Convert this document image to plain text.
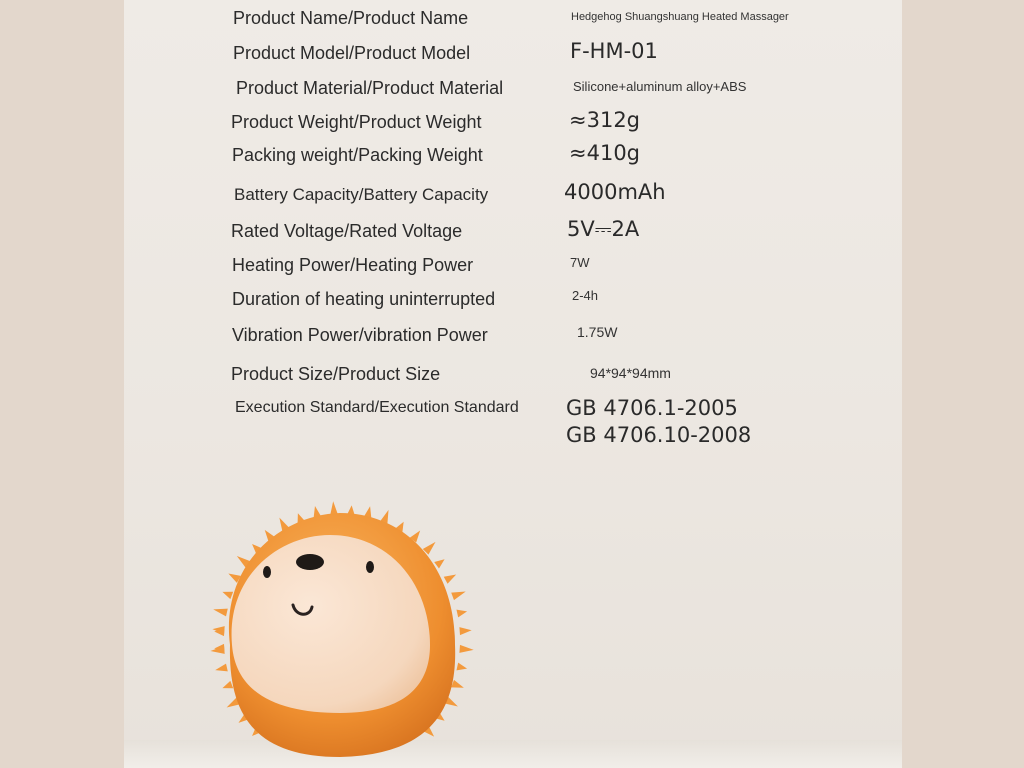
Product Name/Product Name
Product Model/Product Model
Product Material/Product Material
Product Weight/Product Weight
Packing weight/Packing Weight
Battery Capacity/Battery Capacity
Rated Voltage/Rated Voltage
Heating Power/Heating Power
Duration of heating uninterrupted
Vibration Power/vibration Power
Product Size/Product Size
Execution Standard/Execution Standard
Hedgehog Shuangshuang Heated Massager
F-HM-01
Silicone+aluminum alloy+ABS
≈312g
≈410g
4000mAh
5V⎓2A
7W
2-4h
1.75W
94*94*94mm
GB 4706.1-2005
GB 4706.10-2008
